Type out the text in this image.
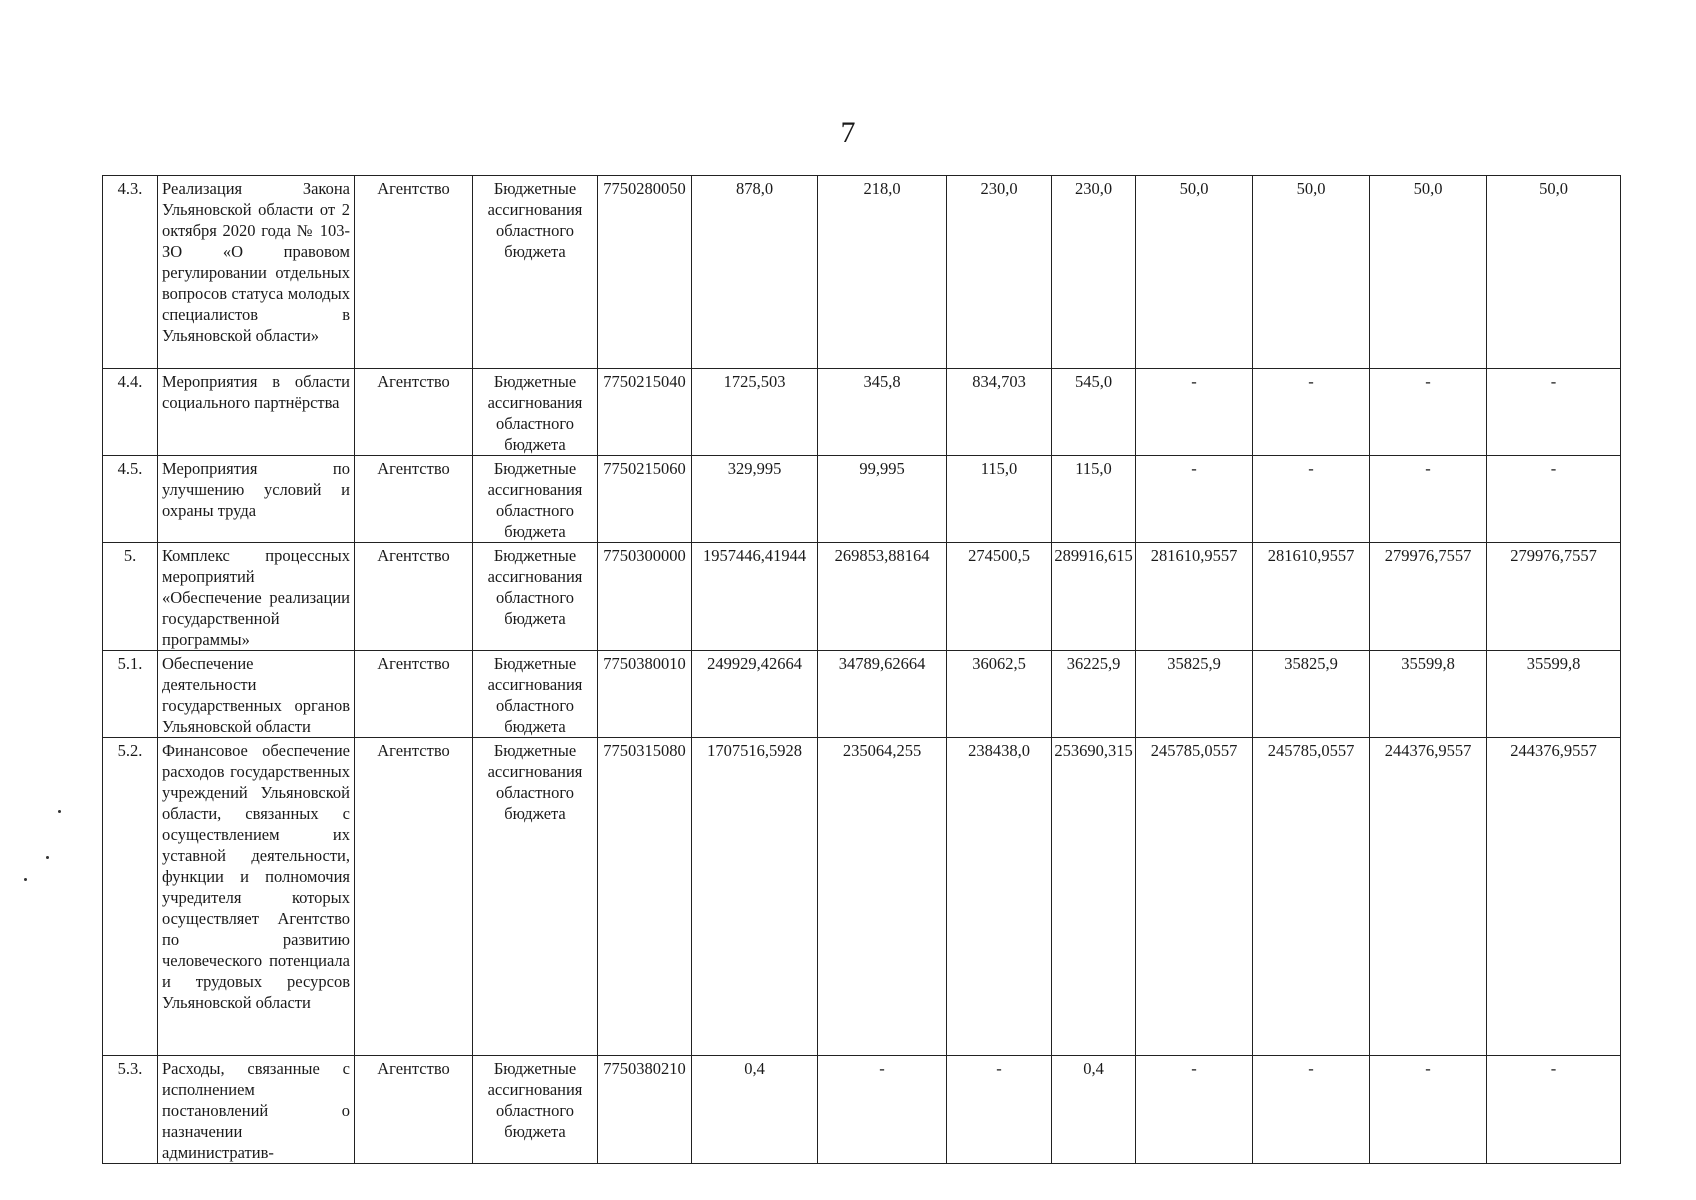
7
4.3.	Реализация Закона Ульяновской области от 2 октября 2020 года № 103-ЗО «О правовом регулировании отдельных вопросов статуса молодых специалистов в Ульяновской области»	Агентство	Бюджетные ассигнования областного бюджета	7750280050	878,0	218,0	230,0	230,0	50,0	50,0	50,0	50,0
4.4.	Мероприятия в области социального партнёрства	Агентство	Бюджетные ассигнования областного бюджета	7750215040	1725,503	345,8	834,703	545,0	-	-	-	-
4.5.	Мероприятия по улучшению условий и охраны труда	Агентство	Бюджетные ассигнования областного бюджета	7750215060	329,995	99,995	115,0	115,0	-	-	-	-
5.	Комплекс процессных мероприятий «Обеспечение реализации государственной программы»	Агентство	Бюджетные ассигнования областного бюджета	7750300000	1957446,41944	269853,88164	274500,5	289916,615	281610,9557	281610,9557	279976,7557	279976,7557
5.1.	Обеспечение деятельности государственных органов Ульяновской области	Агентство	Бюджетные ассигнования областного бюджета	7750380010	249929,42664	34789,62664	36062,5	36225,9	35825,9	35825,9	35599,8	35599,8
5.2.	Финансовое обеспечение расходов государственных учреждений Ульяновской области, связанных с осуществлением их уставной деятельности, функции и полномочия учредителя которых осуществляет Агентство по развитию человеческого потенциала и трудовых ресурсов Ульяновской области	Агентство	Бюджетные ассигнования областного бюджета	7750315080	1707516,5928	235064,255	238438,0	253690,315	245785,0557	245785,0557	244376,9557	244376,9557
5.3.	Расходы, связанные с исполнением постановлений о назначении административ-	Агентство	Бюджетные ассигнования областного бюджета	7750380210	0,4	-	-	0,4	-	-	-	-
